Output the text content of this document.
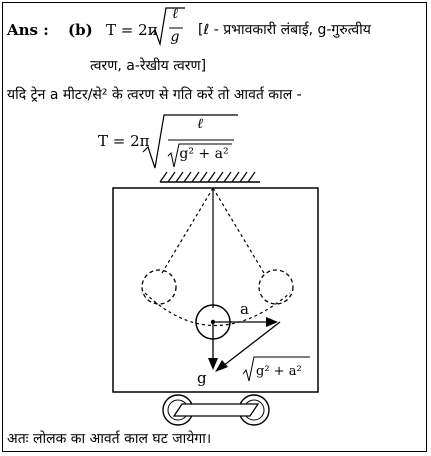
Ans : (b) T = 2π
ℓ
g [ℓ - प्रभावकारी लंबाई, g-गुरुत्वीय
त्वरण, a-रेखीय त्वरण]
यदि ट्रेन a मीटर/से² के त्वरण से गति करें तो आवर्त काल -
T = 2π
ℓ
g² + a²
a
g	g² + a²
अतः लोलक का आवर्त काल घट जायेगा।
